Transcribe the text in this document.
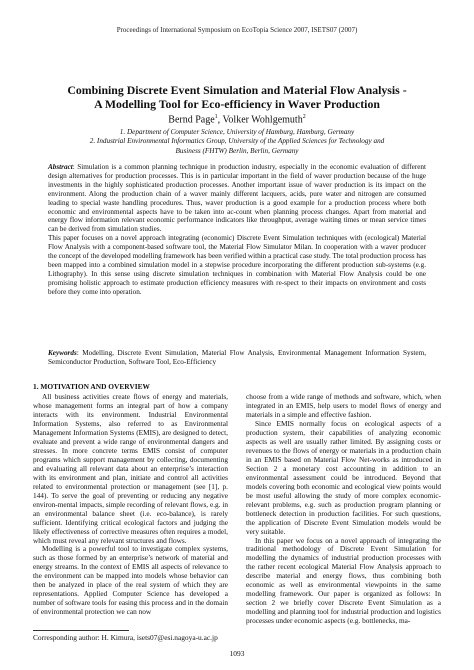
Proceedings of International Symposium on EcoTopia Science 2007, ISETS07 (2007)
Combining Discrete Event Simulation and Material Flow Analysis -
A Modelling Tool for Eco-efficiency in Waver Production
Bernd Page$^1$, Volker Wohlgemuth$^2$
1. Department of Computer Science, University of Hamburg, Hamburg, Germany
2. Industrial Environmental Informatics Group, University of the Applied Sciences for Technology and
Business (FHTW) Berlin, Berlin, Germany

Abstract: Simulation is a common planning technique in production industry, especially in the economic evaluation of different design alternatives for production processes. This is in particular important in the field of waver production because of the huge investments in the highly sophisticated production processes. Another important issue of waver production is its impact on the environment. Along the production chain of a waver mainly different lacquers, acids, pure water and nitrogen are consumed leading to special waste handling procedures. Thus, waver production is a good example for a production process where both economic and environmental aspects have to be taken into ac-count when planning process changes. Apart from material and energy flow information relevant economic performance indicators like throughput, average waiting times or mean service times can be derived from simulation studies.

This paper focuses on a novel approach integrating (economic) Discrete Event Simulation techniques with (ecological) Material Flow Analysis with a component-based software tool, the Material Flow Simulator Milan. In cooperation with a waver producer the concept of the developed modelling framework has been verified within a practical case study. The total production process has been mapped into a combined simulation model in a stepwise procedure incorporating the different production sub-systems (e.g. Lithography). In this sense using discrete simulation techniques in combination with Material Flow Analysis could be one promising holistic approach to estimate production efficiency measures with re-spect to their impacts on environment and costs before they come into operation.

Keywords: Modelling, Discrete Event Simulation, Material Flow Analysis, Environmental Management Information System, Semiconductor Production, Software Tool, Eco-Efficiency
1. MOTIVATION AND OVERVIEW

All business activities create flows of energy and materials, whose management forms an integral part of how a company interacts with its environment. Industrial Environmental Information Systems, also referred to as Environmental Management Information Systems (EMIS), are designed to detect, evaluate and prevent a wide range of environmental dangers and stresses. In more concrete terms EMIS consist of computer programs which support management by collecting, documenting and evaluating all relevant data about an enterprise’s interaction with its environment and plan, initiate and control all activities related to environmental protection or management (see [1], p. 144). To serve the goal of preventing or reducing any negative environ-mental impacts, simple recording of relevant flows, e.g. in an environmental balance sheet (i.e. eco-balance), is rarely sufficient. Identifying critical ecological factors and judging the likely effectiveness of corrective measures often requires a model, which must reveal any relevant structures and flows.

Modelling is a powerful tool to investigate complex systems, such as those formed by an enterprise’s network of material and energy streams. In the context of EMIS all aspects of relevance to the environment can be mapped into models whose behavior can then be analyzed in place of the real system of which they are representations. Applied Computer Science has developed a number of software tools for easing this process and in the domain of environmental protection we can now

choose from a wide range of methods and software, which, when integrated in an EMIS, help users to model flows of energy and materials in a simple and effective fashion.

Since EMIS normally focus on ecological aspects of a production system, their capabilities of analyzing economic aspects as well are usually rather limited. By assigning costs or revenues to the flows of energy or materials in a production chain in an EMIS based on Material Flow Net-works as introduced in Section 2 a monetary cost accounting in addition to an environmental assessment could be introduced. Beyond that models covering both economic and ecological view points would be most useful allowing the study of more complex economic-relevant problems, e.g. such as production program planning or bottleneck detection in production facilities. For such questions, the application of Discrete Event Simulation models would be very suitable.

In this paper we focus on a novel approach of integrating the traditional methodology of Discrete Event Simulation for modelling the dynamics of industrial production processes with the rather recent ecological Material Flow Analysis approach to describe material and energy flows, thus combining both economic as well as environmental viewpoints in the same modelling framework. Our paper is organized as follows: In section 2 we briefly cover Discrete Event Simulation as a modelling and planning tool for industrial production and logistics processes under economic aspects (e.g. bottlenecks, ma-

Corresponding author: H. Kimura, isets07@esi.nagoya-u.ac.jp
1093
